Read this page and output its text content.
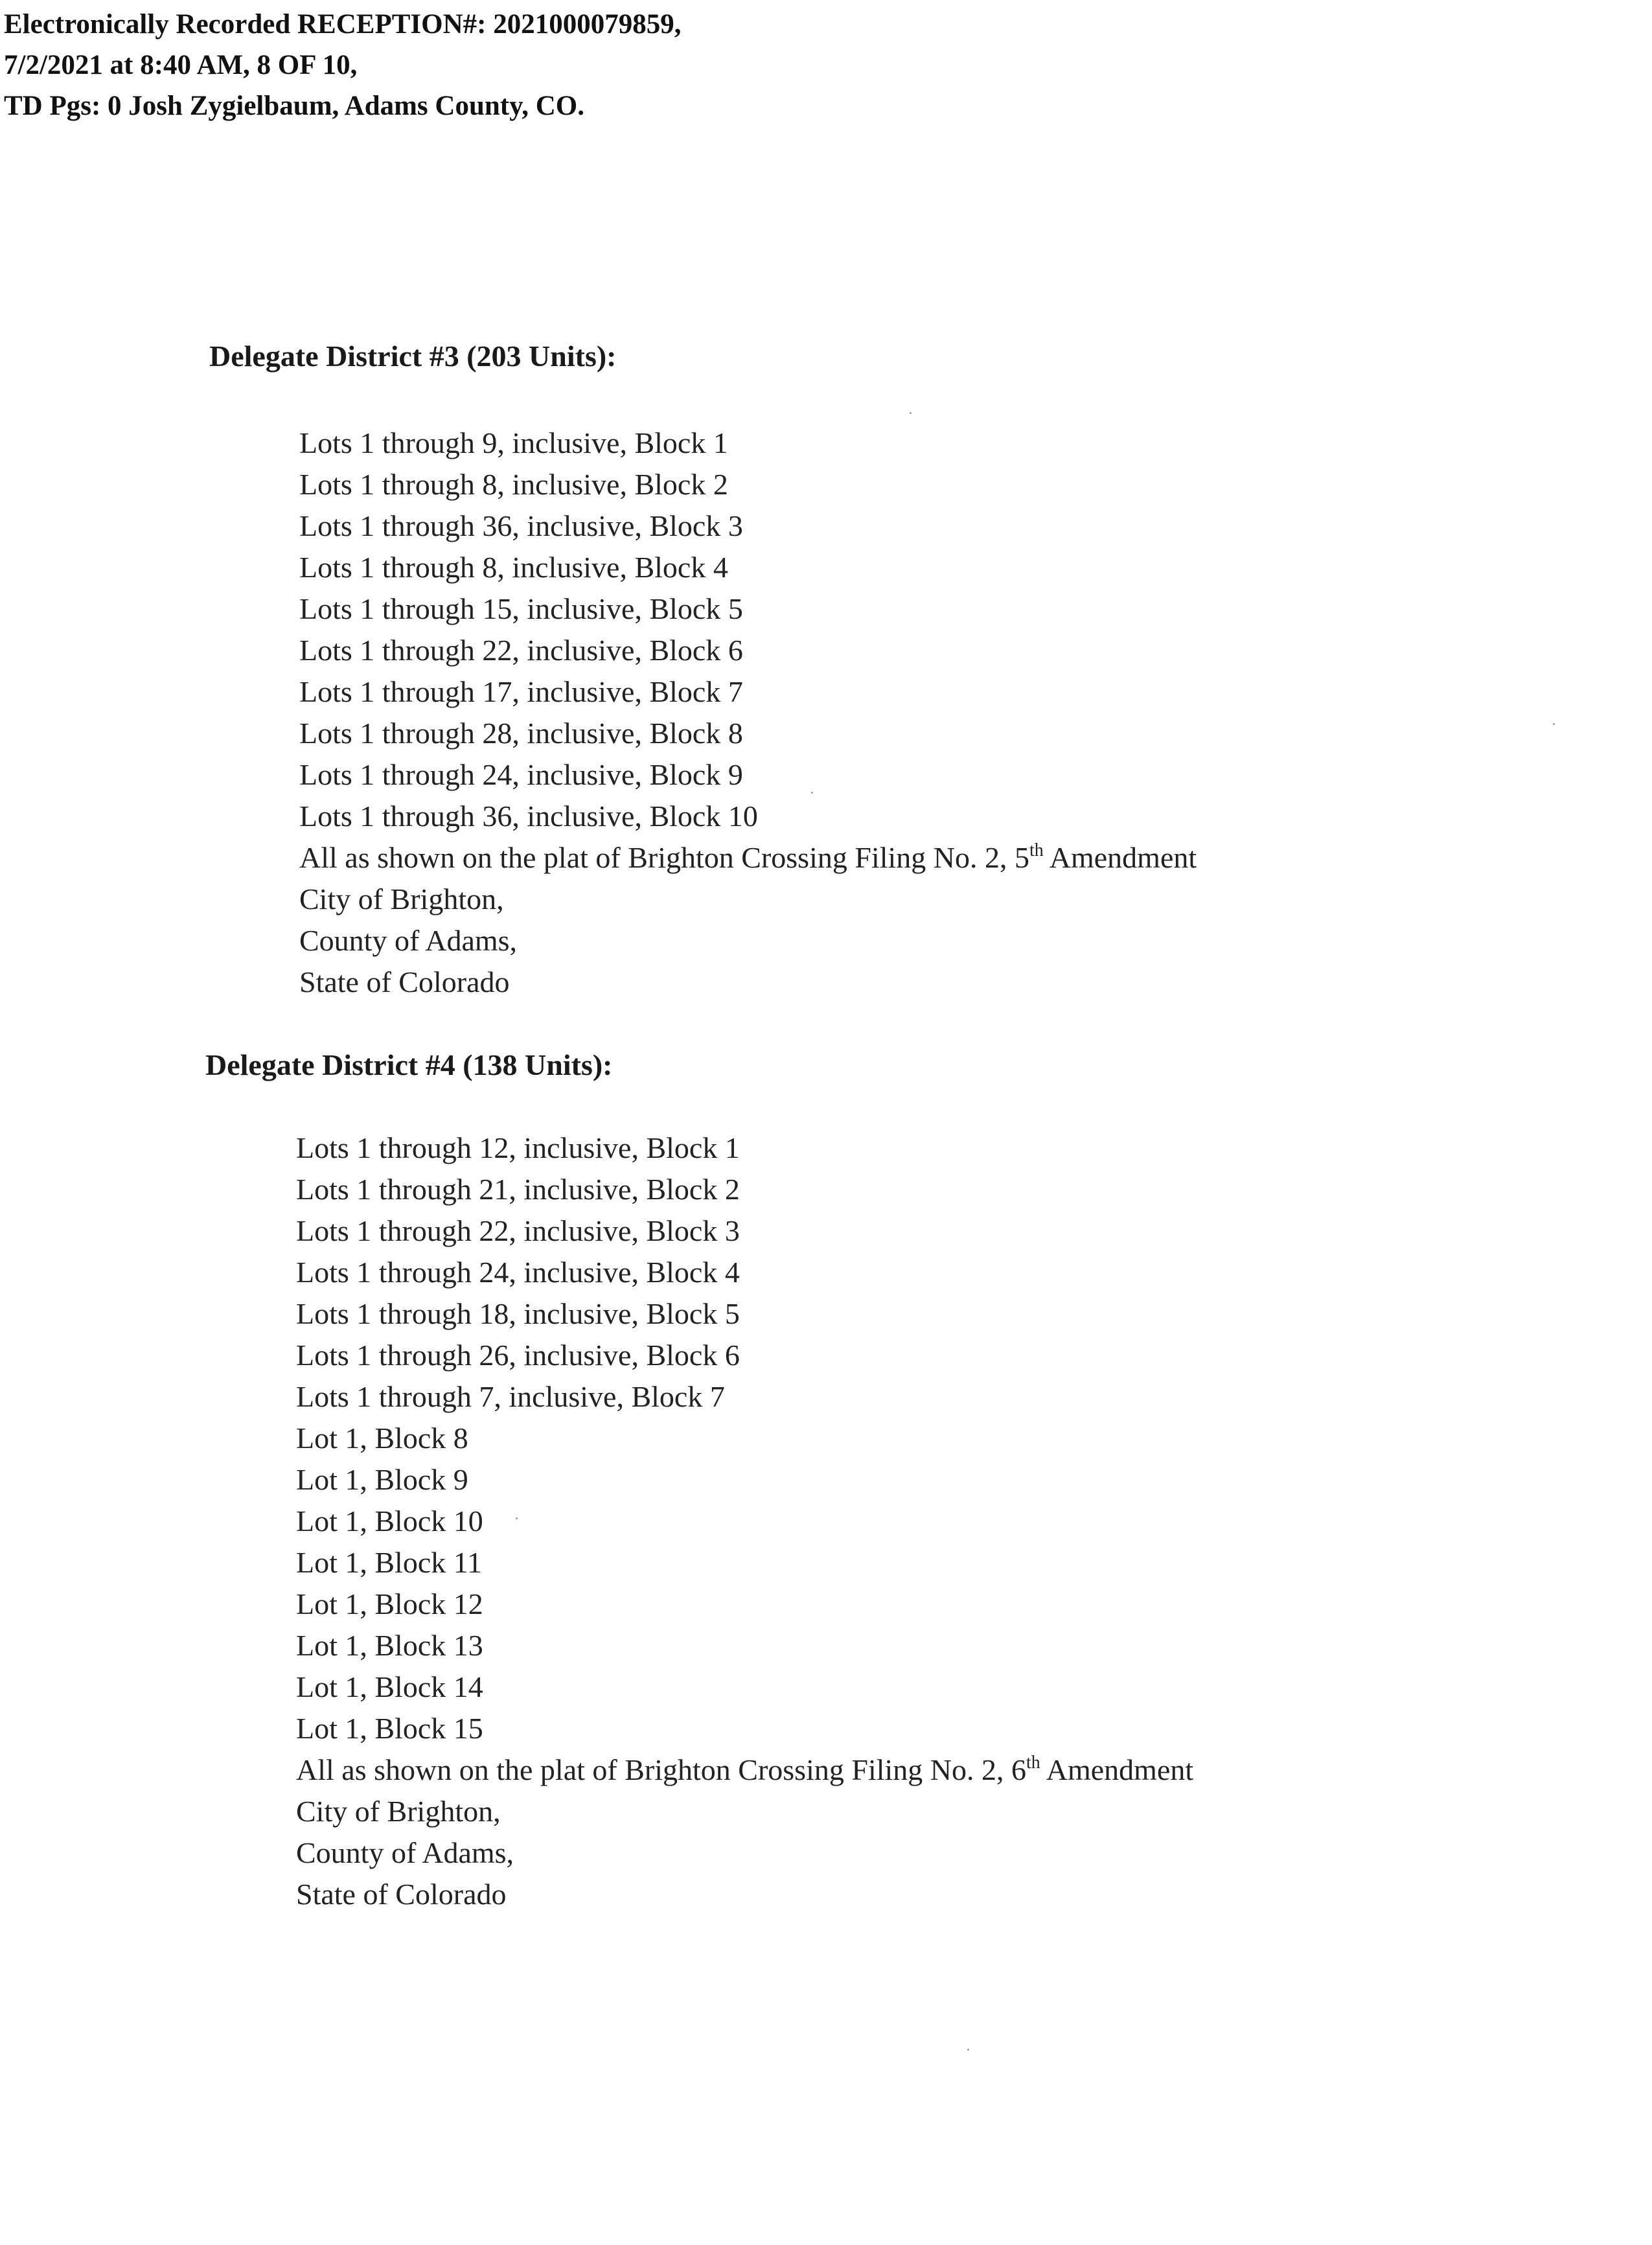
Electronically Recorded RECEPTION#: 2021000079859,
7/2/2021 at 8:40 AM, 8 OF 10,
TD Pgs: 0 Josh Zygielbaum, Adams County, CO.
Delegate District #3 (203 Units):
Lots 1 through 9, inclusive, Block 1
Lots 1 through 8, inclusive, Block 2
Lots 1 through 36, inclusive, Block 3
Lots 1 through 8, inclusive, Block 4
Lots 1 through 15, inclusive, Block 5
Lots 1 through 22, inclusive, Block 6
Lots 1 through 17, inclusive, Block 7
Lots 1 through 28, inclusive, Block 8
Lots 1 through 24, inclusive, Block 9
Lots 1 through 36, inclusive, Block 10
All as shown on the plat of Brighton Crossing Filing No. 2, 5th Amendment
City of Brighton,
County of Adams,
State of Colorado
Delegate District #4 (138 Units):
Lots 1 through 12, inclusive, Block 1
Lots 1 through 21, inclusive, Block 2
Lots 1 through 22, inclusive, Block 3
Lots 1 through 24, inclusive, Block 4
Lots 1 through 18, inclusive, Block 5
Lots 1 through 26, inclusive, Block 6
Lots 1 through 7, inclusive, Block 7
Lot 1, Block 8
Lot 1, Block 9
Lot 1, Block 10
Lot 1, Block 11
Lot 1, Block 12
Lot 1, Block 13
Lot 1, Block 14
Lot 1, Block 15
All as shown on the plat of Brighton Crossing Filing No. 2, 6th Amendment
City of Brighton,
County of Adams,
State of Colorado
